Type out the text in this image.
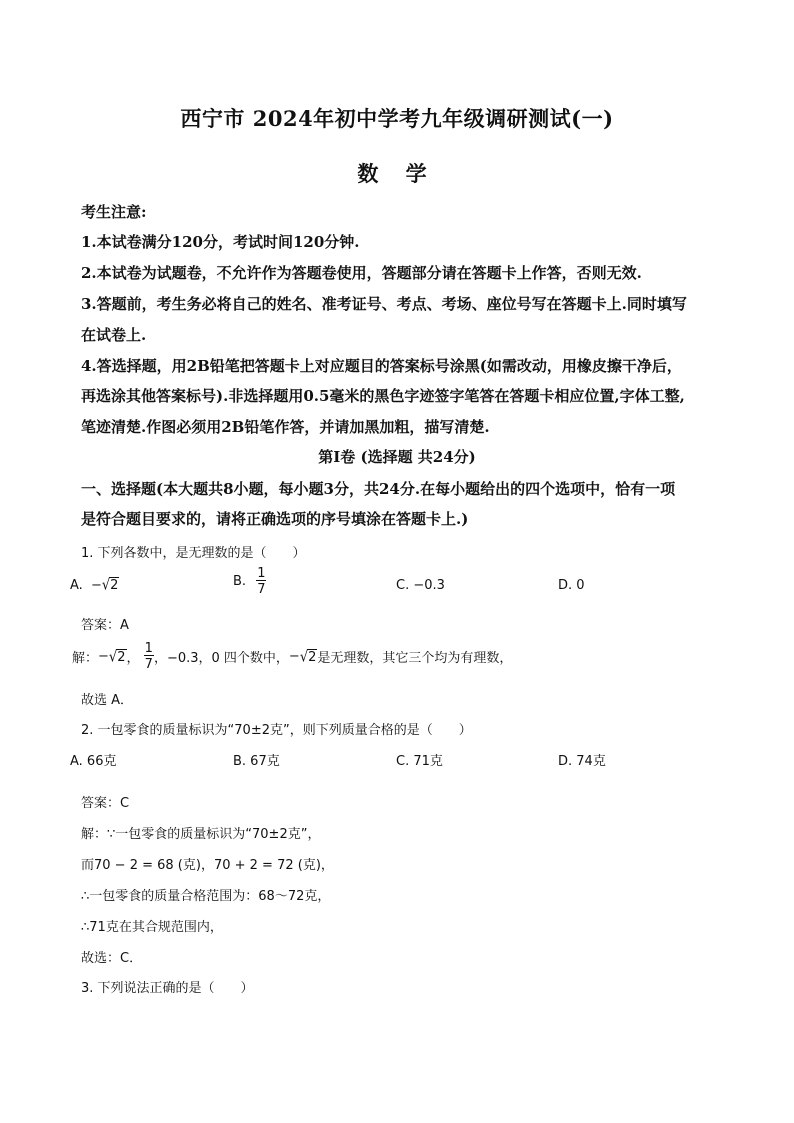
西宁市 2024年初中学考九年级调研测试(一)
数 学
考生注意:
1.本试卷满分120分，考试时间120分钟.
2.本试卷为试题卷，不允许作为答题卷使用，答题部分请在答题卡上作答，否则无效.
3.答题前，考生务必将自己的姓名、准考证号、考点、考场、座位号写在答题卡上.同时填写
在试卷上.
4.答选择题，用2B铅笔把答题卡上对应题目的答案标号涂黑(如需改动，用橡皮擦干净后，
再选涂其他答案标号).非选择题用0.5毫米的黑色字迹签字笔答在答题卡相应位置,字体工整,
笔迹清楚.作图必须用2B铅笔作答，并请加黑加粗，描写清楚.
第Ⅰ卷 (选择题 共24分)
一、选择题(本大题共8小题，每小题3分，共24分.在每小题给出的四个选项中，恰有一项
是符合题目要求的，请将正确选项的序号填涂在答题卡上.)
1. 下列各数中，是无理数的是（　　）
A. −√2	B. $\frac{1}{7}$	C. −0.3	D. 0
答案：A
解：−√2， $\frac{1}{7}$ ，−0.3，0 四个数中，−√2是无理数，其它三个均为有理数，
故选 A．
2. 一包零食的质量标识为“70±2克”，则下列质量合格的是（　　）
A. 66克	B. 67克	C. 71克	D. 74克
答案：C
解：∵一包零食的质量标识为“70±2克”，
而70 − 2 = 68 (克)，70 + 2 = 72 (克)，
∴一包零食的质量合格范围为：68～72克，
∴71克在其合规范围内，
故选：C．
3. 下列说法正确的是（　　）
